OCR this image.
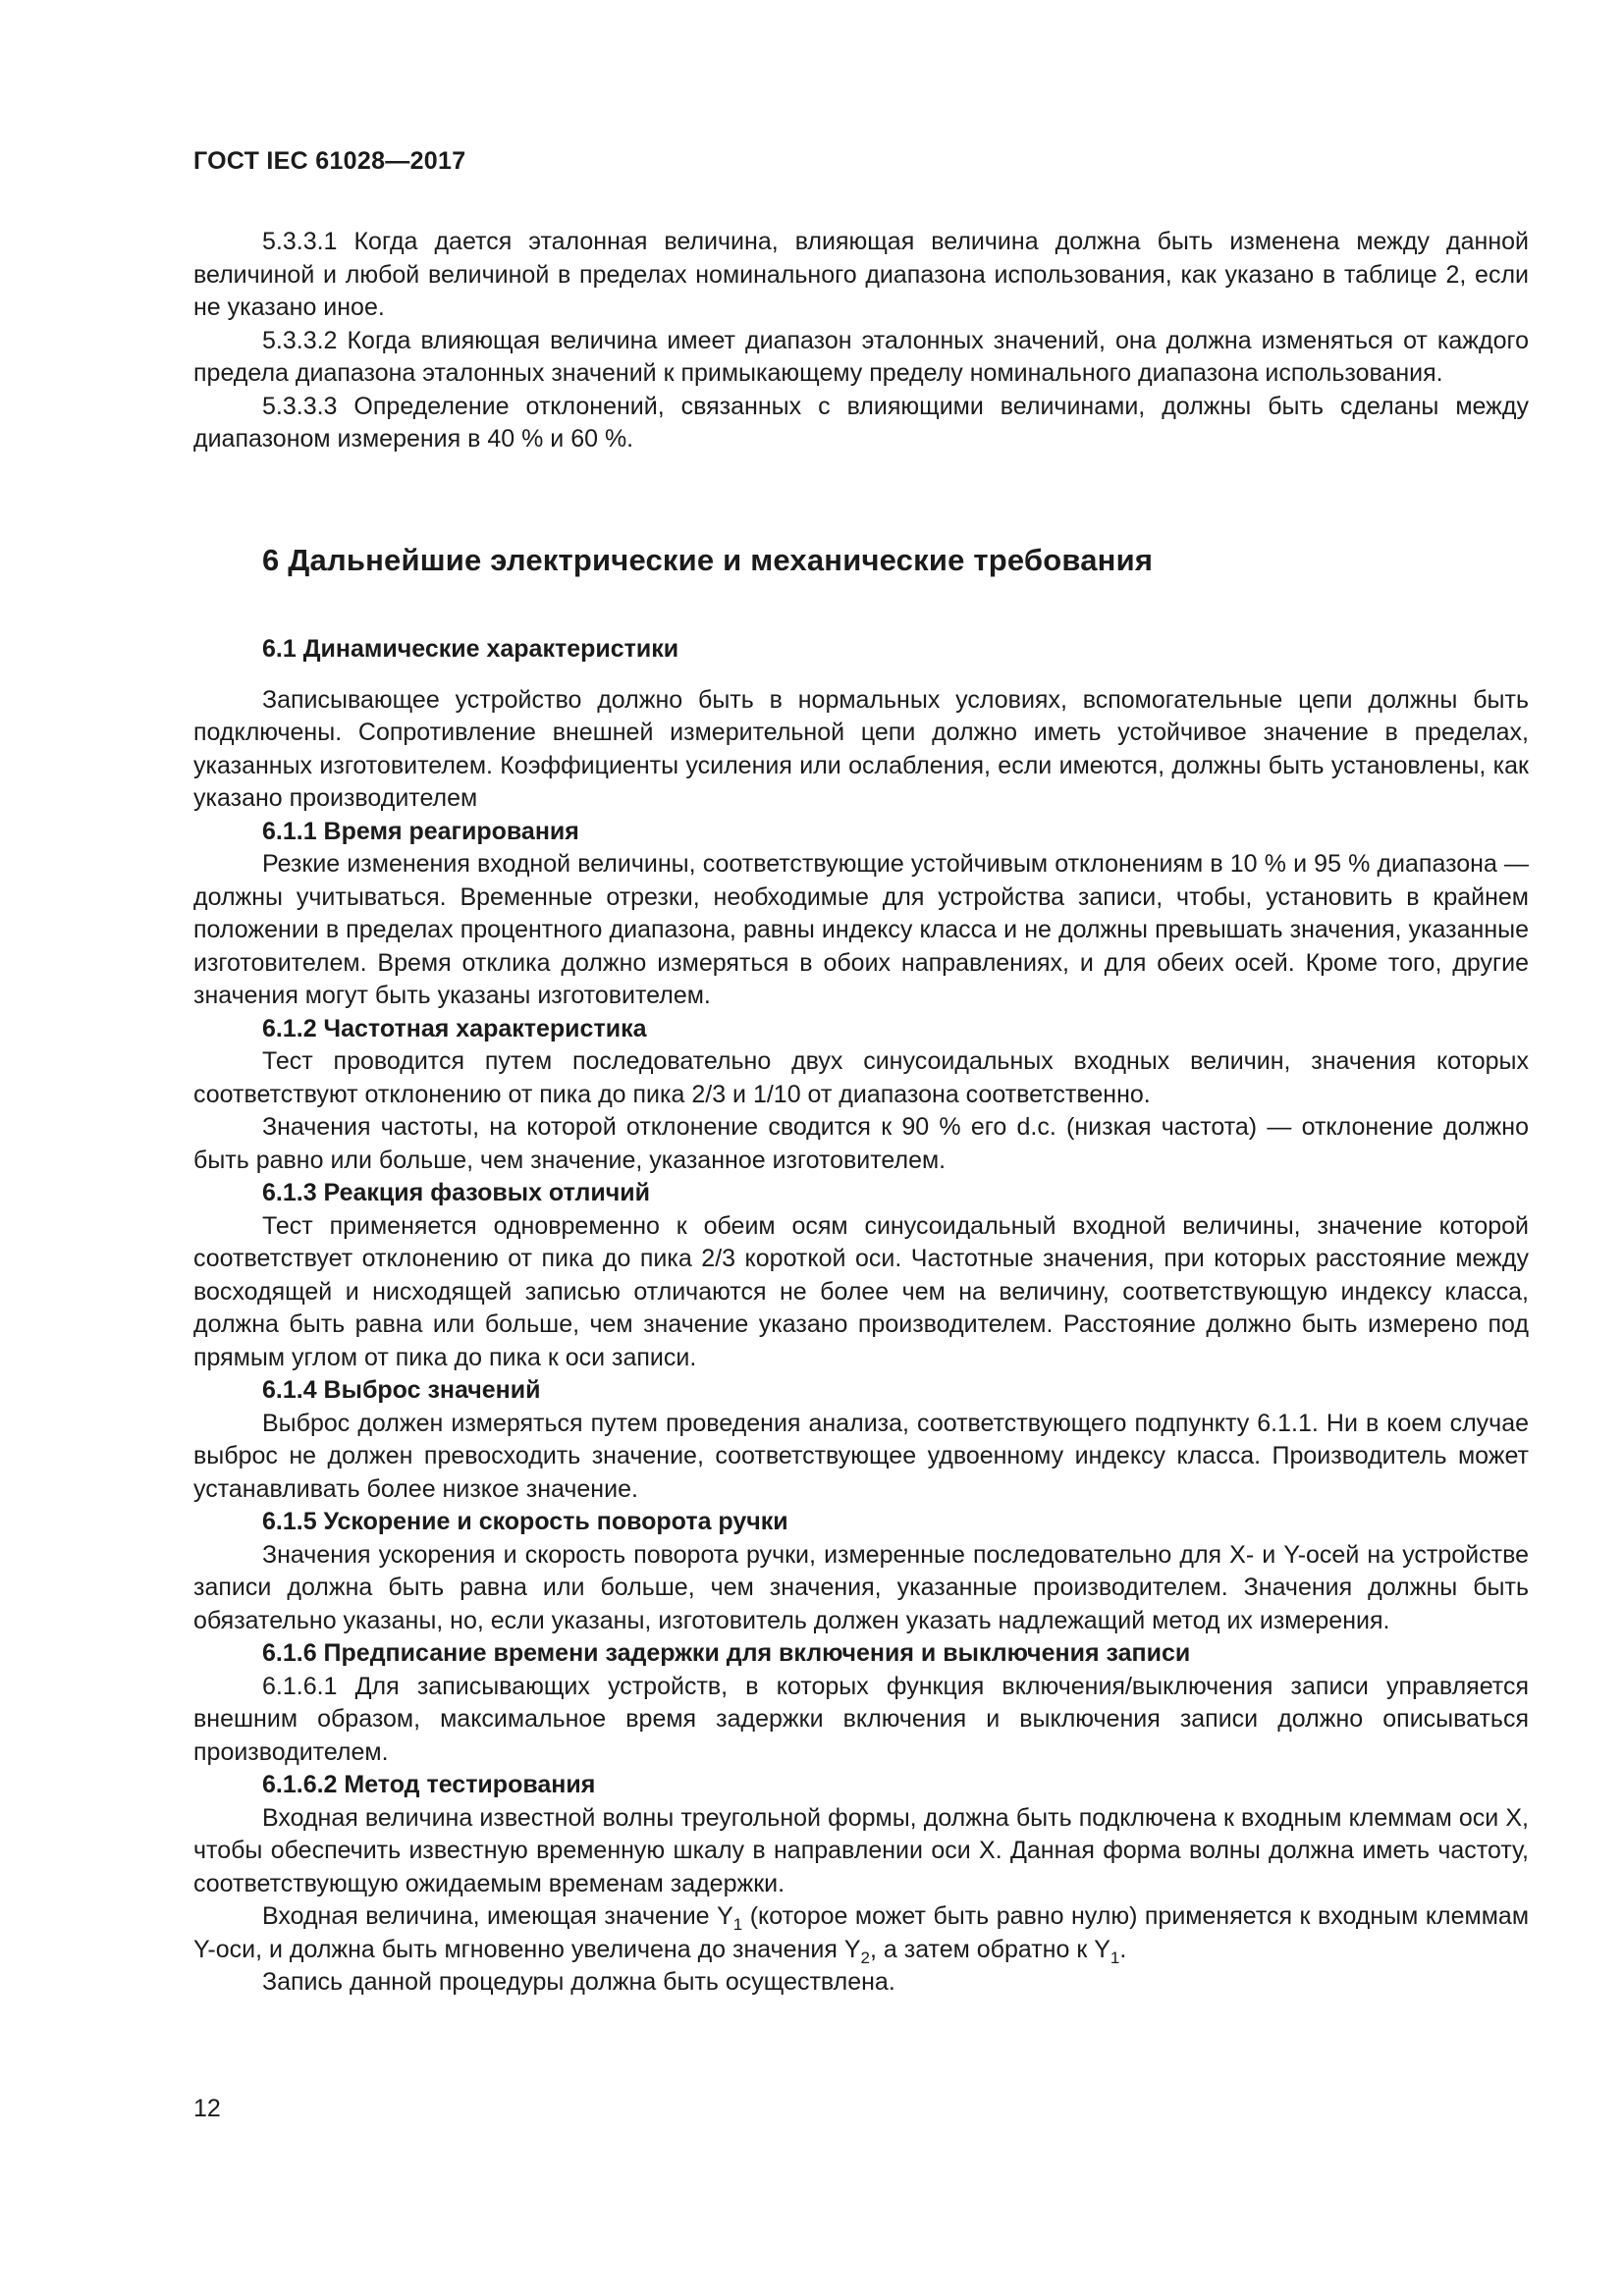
ГОСТ IEC 61028—2017

5.3.3.1 Когда дается эталонная величина, влияющая величина должна быть изменена между данной величиной и любой величиной в пределах номинального диапазона использования, как указано в таблице 2, если не указано иное.

5.3.3.2 Когда влияющая величина имеет диапазон эталонных значений, она должна изменяться от каждого предела диапазона эталонных значений к примыкающему пределу номинального диапазона использования.

5.3.3.3 Определение отклонений, связанных с влияющими величинами, должны быть сделаны между диапазоном измерения в 40 % и 60 %.

6 Дальнейшие электрические и механические требования

6.1 Динамические характеристики

Записывающее устройство должно быть в нормальных условиях, вспомогательные цепи должны быть подключены. Сопротивление внешней измерительной цепи должно иметь устойчивое значение в пределах, указанных изготовителем. Коэффициенты усиления или ослабления, если имеются, должны быть установлены, как указано производителем

6.1.1 Время реагирования

Резкие изменения входной величины, соответствующие устойчивым отклонениям в 10 % и 95 % диапазона — должны учитываться. Временные отрезки, необходимые для устройства записи, чтобы, установить в крайнем положении в пределах процентного диапазона, равны индексу класса и не должны превышать значения, указанные изготовителем. Время отклика должно измеряться в обоих направлениях, и для обеих осей. Кроме того, другие значения могут быть указаны изготовителем.

6.1.2 Частотная характеристика

Тест проводится путем последовательно двух синусоидальных входных величин, значения которых соответствуют отклонению от пика до пика 2/3 и 1/10 от диапазона соответственно.

Значения частоты, на которой отклонение сводится к 90 % его d.c. (низкая частота) — отклонение должно быть равно или больше, чем значение, указанное изготовителем.

6.1.3 Реакция фазовых отличий

Тест применяется одновременно к обеим осям синусоидальный входной величины, значение которой соответствует отклонению от пика до пика 2/3 короткой оси. Частотные значения, при которых расстояние между восходящей и нисходящей записью отличаются не более чем на величину, соответствующую индексу класса, должна быть равна или больше, чем значение указано производителем. Расстояние должно быть измерено под прямым углом от пика до пика к оси записи.

6.1.4 Выброс значений

Выброс должен измеряться путем проведения анализа, соответствующего подпункту 6.1.1. Ни в коем случае выброс не должен превосходить значение, соответствующее удвоенному индексу класса. Производитель может устанавливать более низкое значение.

6.1.5 Ускорение и скорость поворота ручки

Значения ускорения и скорость поворота ручки, измеренные последовательно для X- и Y-осей на устройстве записи должна быть равна или больше, чем значения, указанные производителем. Значения должны быть обязательно указаны, но, если указаны, изготовитель должен указать надлежащий метод их измерения.

6.1.6 Предписание времени задержки для включения и выключения записи

6.1.6.1 Для записывающих устройств, в которых функция включения/выключения записи управляется внешним образом, максимальное время задержки включения и выключения записи должно описываться производителем.

6.1.6.2 Метод тестирования

Входная величина известной волны треугольной формы, должна быть подключена к входным клеммам оси X, чтобы обеспечить известную временную шкалу в направлении оси X. Данная форма волны должна иметь частоту, соответствующую ожидаемым временам задержки.

Входная величина, имеющая значение $Y_1$ (которое может быть равно нулю) применяется к входным клеммам Y-оси, и должна быть мгновенно увеличена до значения $Y_2$, а затем обратно к $Y_1$.

Запись данной процедуры должна быть осуществлена.

12
